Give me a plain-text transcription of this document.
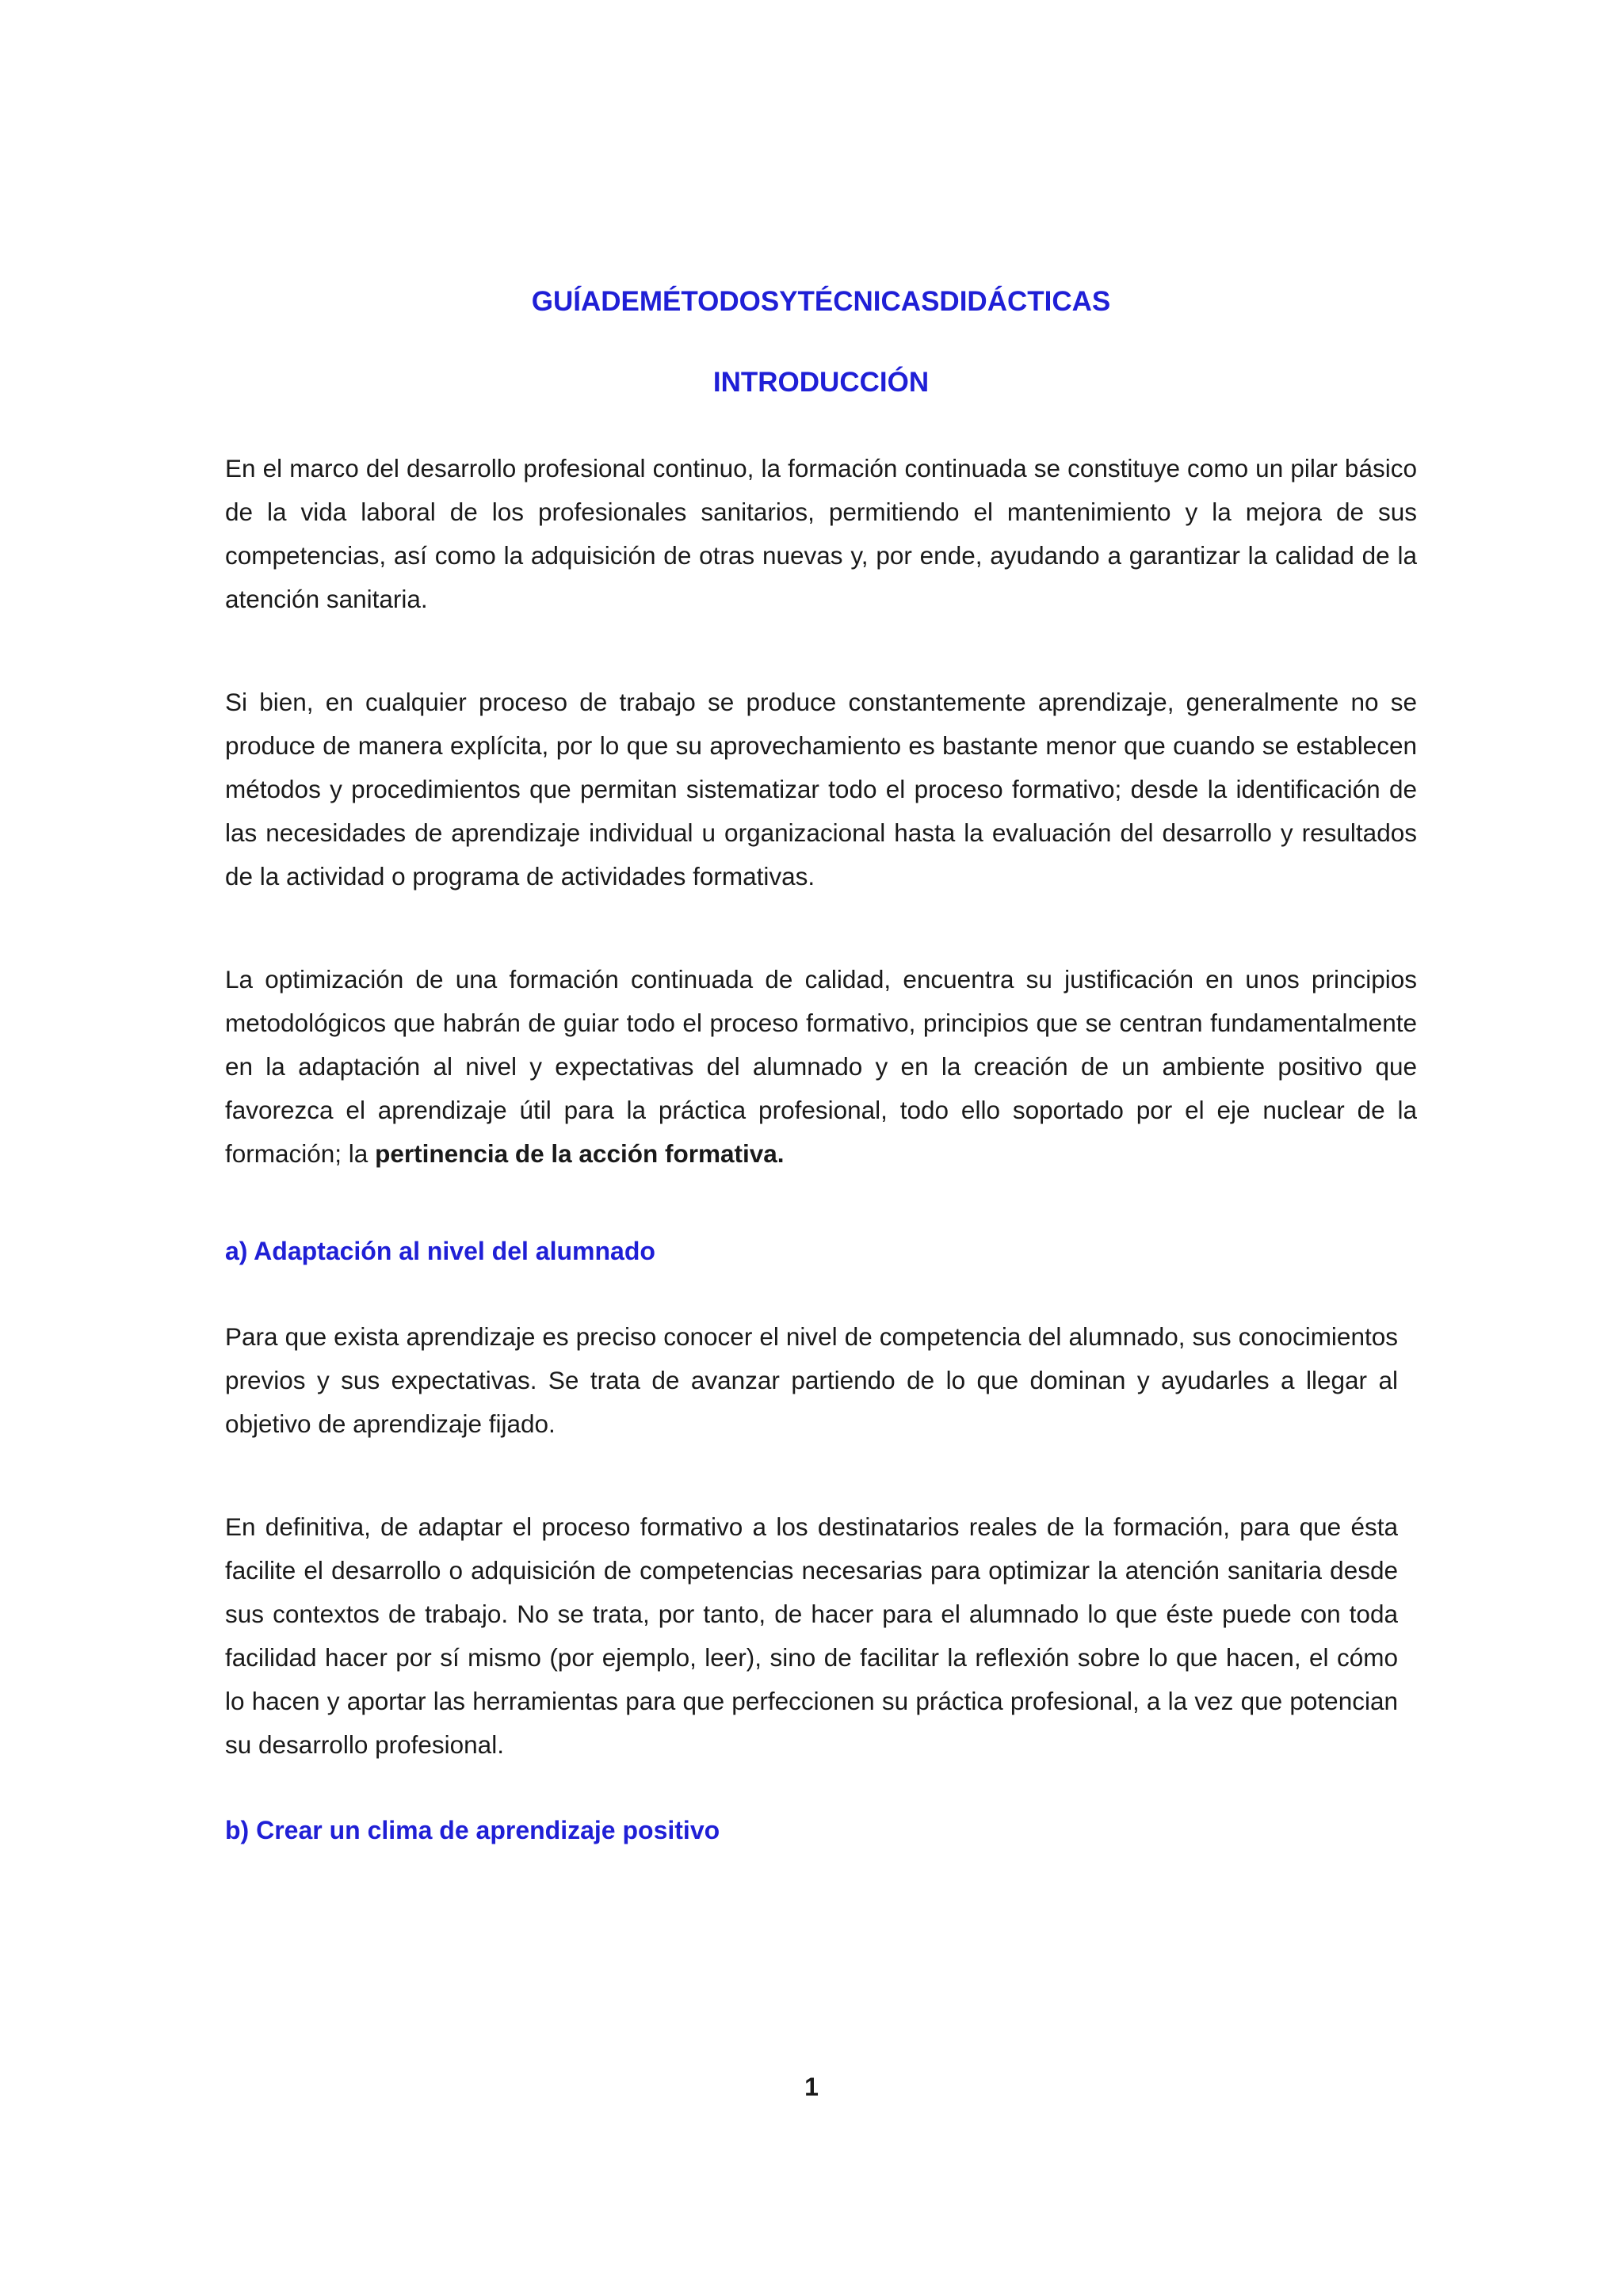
GUÍADEMÉTODOSYTÉCNICASDIDÁCTICAS
INTRODUCCIÓN

En el marco del desarrollo profesional continuo, la formación continuada se constituye como un pilar básico de la vida laboral de los profesionales sanitarios, permitiendo el mantenimiento y la mejora de sus competencias, así como la adquisición de otras nuevas y, por ende, ayudando a garantizar la calidad de la atención sanitaria.

Si bien, en cualquier proceso de trabajo se produce constantemente aprendizaje, generalmente no se produce de manera explícita, por lo que su aprovechamiento es bastante menor que cuando se establecen métodos y procedimientos que permitan sistematizar todo el proceso formativo; desde la identificación de las necesidades de aprendizaje individual u organizacional hasta la evaluación del desarrollo y resultados de la actividad o programa de actividades formativas.

La optimización de una formación continuada de calidad, encuentra su justificación en unos principios metodológicos que habrán de guiar todo el proceso formativo, principios que se centran fundamentalmente en la adaptación al nivel y expectativas del alumnado y en la creación de un ambiente positivo que favorezca el aprendizaje útil para la práctica profesional, todo ello soportado por el eje nuclear de la formación; la pertinencia de la acción formativa.

a) Adaptación al nivel del alumnado

Para que exista aprendizaje es preciso conocer el nivel de competencia del alumnado, sus conocimientos previos y sus expectativas. Se trata de avanzar partiendo de lo que dominan y ayudarles a llegar al objetivo de aprendizaje fijado.

En definitiva, de adaptar el proceso formativo a los destinatarios reales de la formación, para que ésta facilite el desarrollo o adquisición de competencias necesarias para optimizar la atención sanitaria desde sus contextos de trabajo. No se trata, por tanto, de hacer para el alumnado lo que éste puede con toda facilidad hacer por sí mismo (por ejemplo, leer), sino de facilitar la reflexión sobre lo que hacen, el cómo lo hacen y aportar las herramientas para que perfeccionen su práctica profesional, a la vez que potencian su desarrollo profesional.

b) Crear un clima de aprendizaje positivo
1
